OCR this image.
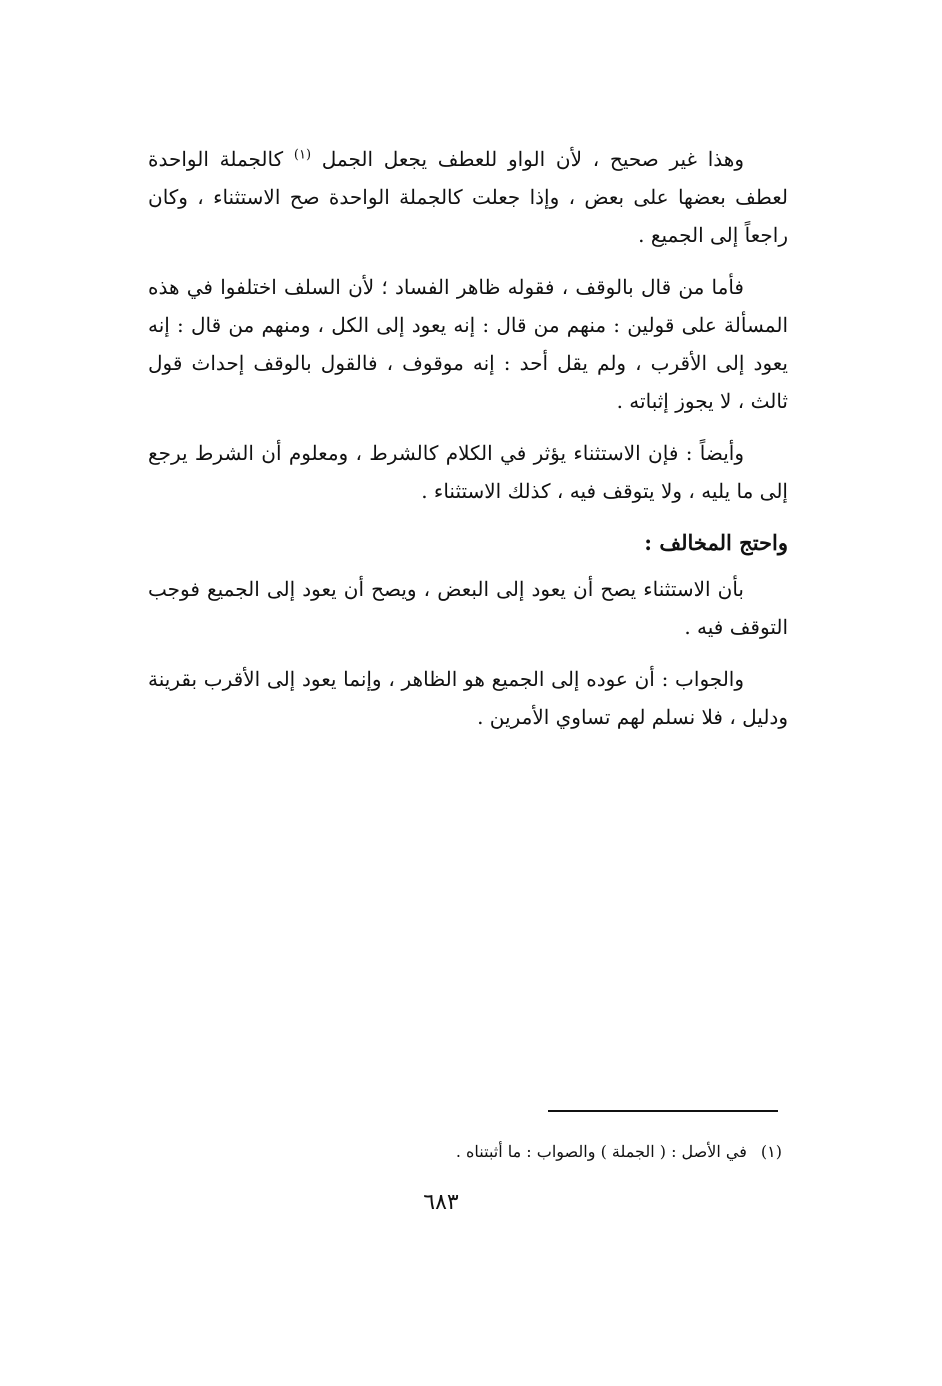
وهذا غير صحيح ، لأن الواو للعطف يجعل الجمل $^{(١)}$ كالجملة الواحدة لعطف بعضها على بعض ، وإذا جعلت كالجملة الواحدة صح الاستثناء ، وكان راجعاً إلى الجميع .

فأما من قال بالوقف ، فقوله ظاهر الفساد ؛ لأن السلف اختلفوا في هذه المسألة على قولين : منهم من قال : إنه يعود إلى الكل ، ومنهم من قال : إنه يعود إلى الأقرب ، ولم يقل أحد : إنه موقوف ، فالقول بالوقف إحداث قول ثالث ، لا يجوز إثباته .

وأيضاً : فإن الاستثناء يؤثر في الكلام كالشرط ، ومعلوم أن الشرط يرجع إلى ما يليه ، ولا يتوقف فيه ، كذلك الاستثناء .

واحتج المخالف :

بأن الاستثناء يصح أن يعود إلى البعض ، ويصح أن يعود إلى الجميع فوجب التوقف فيه .

والجواب : أن عوده إلى الجميع هو الظاهر ، وإنما يعود إلى الأقرب بقرينة ودليل ، فلا نسلم لهم تساوي الأمرين .

(١)في الأصل : ( الجملة ) والصواب : ما أثبتناه .
٦٨٣
